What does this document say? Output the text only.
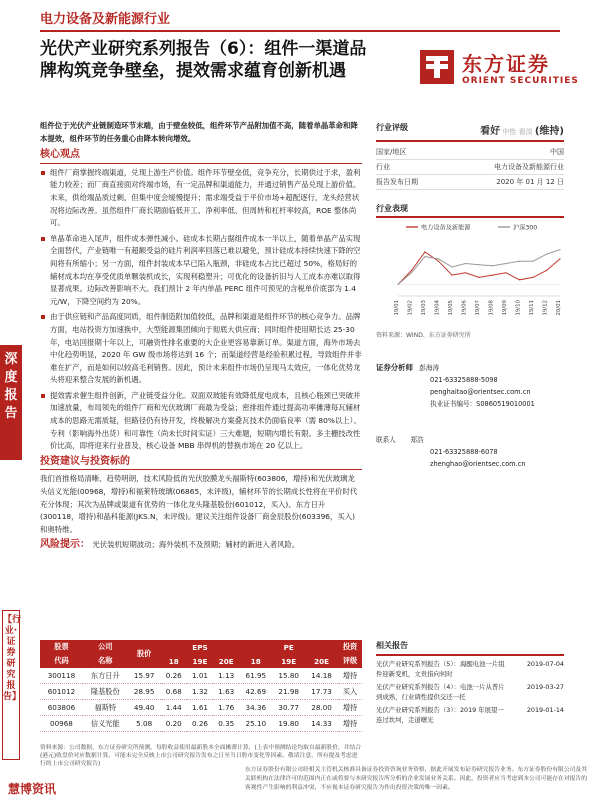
电力设备及新能源行业
光伏产业研究系列报告（6）：组件一渠道品牌构筑竞争壁垒，提效需求蕴育创新机遇	东方证券
ORIENT SECURITIES
深度报告
【行业·证券研究报告】
组件位于光伏产业链制造环节末端，由于壁垒较低，组件环节产品附加值不高，随着单晶革命和降本提效，组件环节的任务重心由降本转向增效。
核心观点
组件厂商掌握终端渠道，兑现上游生产价值。组件环节壁垒低，竞争充分，长期供过于求，盈利能力较差；而厂商直接面对终端市场，有一定品牌和渠道能力，并通过销售产品兑现上游价值。未来，供给端品质过剩，但集中度会缓慢提升；需求端受益于平价市场+超配逐行，龙头经营状况将边际改善。虽然组件厂商长期面临低开工、净利率低、但周转和杠杆率较高，ROE 整体尚可。
单晶革命进入尾声，组件成本弹性减小。硅成本长期占据组件成本一半以上，随着单晶产品实现全面替代，产业链唯一有超额受益的硅片利润率回落已难以避免，预计硅成本持续快速下降的空间将有所缩小；另一方面，组件封装成本早已陷入瓶颈，非硅成本占比已超过 50%，格局好的辅材成本均在享受优质单颗装机成长，实现利稳塑升；可优化的设备折旧与人工成本亦难以取得显著成果。边际改善影响不大。我们预计 2 年内单晶 PERC 组件可预见的含税单价底部为 1.4 元/W，下降空间约为 20%。
由于供应链和产品高度同质，组件制造附加值较低，品牌和渠道是组件环节的核心竞争力。品牌方面，电站投资方加速换中，大型能源集团倾向于彻底大供应商；同时组件使用期长达 25-30 年，电站回报期十年以上，可融资性排名重要的大企业更容易靠新订单。渠道方面，海外市场去中化趋势明显，2020 年 GW 级市场将达到 16 个；而渠道经营是经验积累过程，导致组件并非难在扩产，而是如何以较高毛利销售。因此，预计未来组件市场仍呈现马太效应，一体化优势龙头将迎来整合发展的新机遇。
提效需求催生组件创新，产业链受益分化。双面双玻能有效降低度电成本，且核心瓶颈已突破并加速放量，布局领先的组件厂商和光伏玻璃厂商最为受益；密排组件通过提高功率摊薄每瓦辅材成本的思路无需质疑，但路径仍有待开发，终极解决方案叠瓦技术仍面临良率（需 80%以上）、专利（影响海外出货）和可靠性（尚未长时间实证）三大难题，短期内增长有限。多主栅技改性价比高，即将迎来行业普及，核心设备 MBB 串焊机的替换市场在 20 亿以上。
投资建议与投资标的
我们首推格局清晰、趋势明朗，技术风险低的光伏胶膜龙头福斯特(603806，增持)和光伏玻璃龙头信义光能(00968，增持)和福莱特玻璃(06865，未评级)，辅材环节的长期成长性将在平价时代充分体现；其次为品牌或渠道有优势的一体化龙头隆基股份(601012，买入)、东方日升(300118，增持)和晶科能源(JKS.N，未评级)。建议关注组件设备厂商金辰股份(603396，买入)和奥特维。
风险提示： 光伏装机短期波动；海外装机不及预期；辅材的新进入者风险。
股票	公司	股价	EPS			PE			投资
代码	名称		18	19E	20E	18	19E	20E	评级
300118	东方日升	15.97	0.26	1.01	1.13	61.95	15.80	14.18	增持
601012	隆基股份	28.95	0.68	1.32	1.63	42.69	21.98	17.73	买入
603806	福斯特	49.40	1.44	1.61	1.76	34.36	30.77	28.00	增持
00968	信义光能	5.08	0.20	0.26	0.35	25.10	19.80	14.33	增持
资料来源：公司数据，东方证券研究所预测，每股收益使用最新股本全面摊薄计算，(上表中预测结论均取自最新股价，并结合(港元)收盘价对应数据计算，可能未完全反映上市公司研究报告发布之日至当日股市变化等因素。敬请注意，所有提及考虑进行的上市公司研究报告)
行业评级	看好 中性 看淡 (维持)
国家/地区	中国
行业	电力设备及新能源行业
报告发布日期	2020 年 01 月 12 日
行业表现
电力设备及新能源	沪深300
19/01 19/02 19/03 19/04 19/05 19/06 19/07 19/08 19/09 19/10 19/11 19/12 20/01
资料来源：WIND、东方证券研究所
证券分析师 彭海涛
021-63325888-5098
penghaitao@orientsec.com.cn
执业证书编号：S0860519010001
联系人 郑浩
021-63325888-6078
zhenghao@orientsec.com.cn
相关报告
光伏产业研究系列报告（5）：海醒电池一片组件迎新变机，文贵指向何时
2019-07-04
光伏产业研究系列报告（4）：电池一片从普片到成熟，行业调性提供交还一托
2019-03-27
光伏产业研究系列报告（3）：2019 年展望一连过坎坷，走道曙光
2019-01-14
东方证券股份有限公司经相关主管机关核准具备证券投资咨询业务资格，据此开展发布证券研究报告业务。东方证券股份有限公司及其关联机构在法律许可的范围内正在或将要与本研究报告所分析的企业发展业务关系。因此，投资者应当考虑到本公司可能存在对报告的客观性产生影响的利益冲突，不应视本证券研究报告为作出投资决策的唯一因素。
慧博资讯
